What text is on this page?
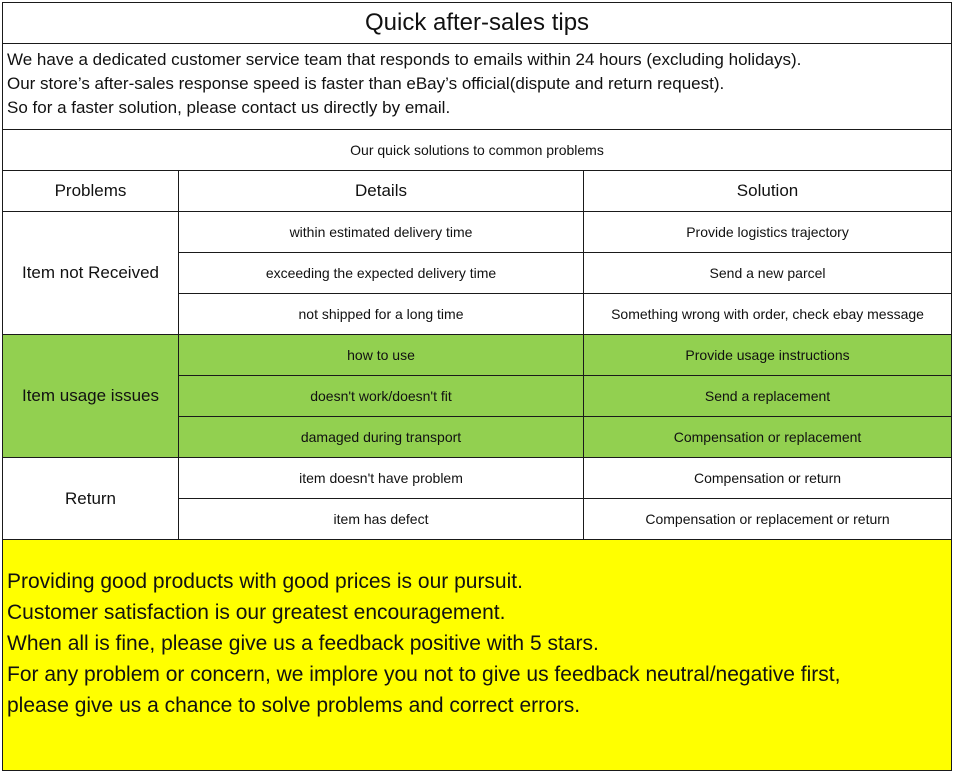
Quick after-sales tips		

We have a dedicated customer service team that responds to emails within 24 hours (excluding holidays).
Our store’s after-sales response speed is faster than eBay’s official(dispute and return request).
So for a faster solution, please contact us directly by email.		

Our quick solutions to common problems		
Problems	Details	Solution
Item not Received	within estimated delivery time	Provide logistics trajectory
	exceeding the expected delivery time	Send a new parcel
	not shipped for a long time	Something wrong with order, check ebay message
Item usage issues	how to use	Provide usage instructions
	doesn't work/doesn't fit	Send a replacement
	damaged during transport	Compensation or replacement
Return	item doesn't have problem	Compensation or return
	item has defect	Compensation or replacement or return

Providing good products with good prices is our pursuit.
Customer satisfaction is our greatest encouragement.
When all is fine, please give us a feedback positive with 5 stars.
For any problem or concern, we implore you not to give us feedback neutral/negative first,
please give us a chance to solve problems and correct errors.		
